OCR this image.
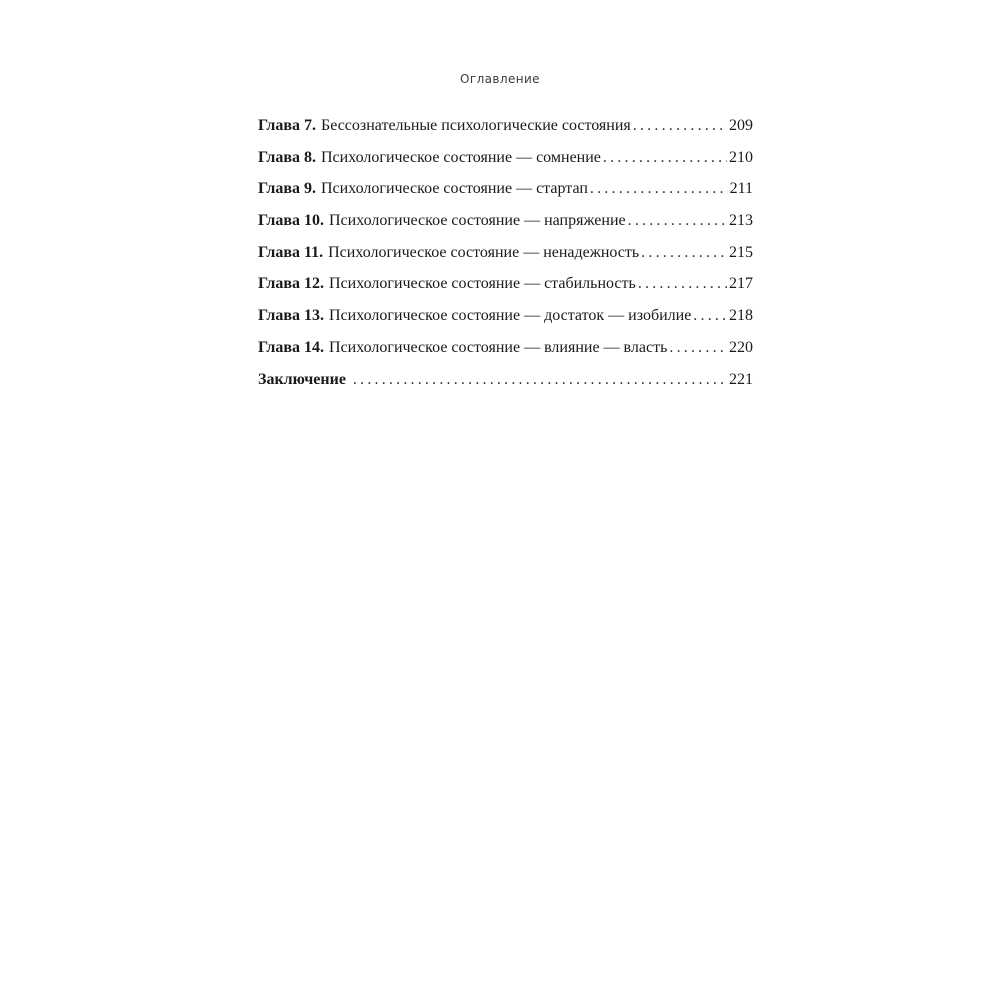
Оглавление
Глава 7. Бессознательные психологические состояния .....	209
Глава 8. Психологическое состояние — сомнение .....	210
Глава 9. Психологическое состояние — стартап .....	211
Глава 10. Психологическое состояние — напряжение .....	213
Глава 11. Психологическое состояние — ненадежность .....	215
Глава 12. Психологическое состояние — стабильность .....	217
Глава 13. Психологическое состояние — достаток — изобилие ..... 218
Глава 14. Психологическое состояние — влияние — власть .....	220
Заключение .....	221
